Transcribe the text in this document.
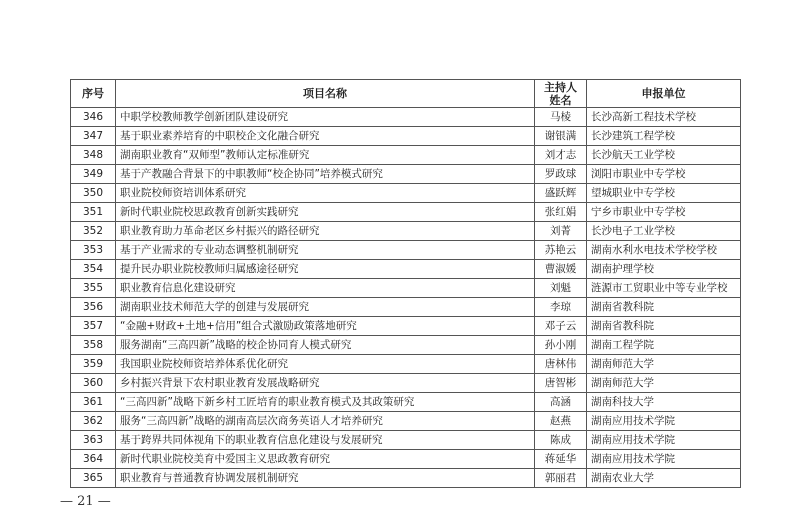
序号	项目名称	主持人姓名	申报单位
346	中职学校教师教学创新团队建设研究	马棱	长沙高新工程技术学校
347	基于职业素养培育的中职校企文化融合研究	谢银满	长沙建筑工程学校
348	湖南职业教育“双师型”教师认定标准研究	刘才志	长沙航天工业学校
349	基于产教融合背景下的中职教师“校企协同”培养模式研究	罗政球	浏阳市职业中专学校
350	职业院校师资培训体系研究	盛跃辉	望城职业中专学校
351	新时代职业院校思政教育创新实践研究	张红娟	宁乡市职业中专学校
352	职业教育助力革命老区乡村振兴的路径研究	刘菁	长沙电子工业学校
353	基于产业需求的专业动态调整机制研究	苏艳云	湖南水利水电技术学校学校
354	提升民办职业院校教师归属感途径研究	曹淑媛	湖南护理学校
355	职业教育信息化建设研究	刘魁	涟源市工贸职业中等专业学校
356	湖南职业技术师范大学的创建与发展研究	李琼	湖南省教科院
357	“金融+财政+土地+信用”组合式激励政策落地研究	邓子云	湖南省教科院
358	服务湖南“三高四新”战略的校企协同育人模式研究	孙小刚	湖南工程学院
359	我国职业院校师资培养体系优化研究	唐林伟	湖南师范大学
360	乡村振兴背景下农村职业教育发展战略研究	唐智彬	湖南师范大学
361	“三高四新”战略下新乡村工匠培育的职业教育模式及其政策研究	高涵	湖南科技大学
362	服务“三高四新”战略的湖南高层次商务英语人才培养研究	赵燕	湖南应用技术学院
363	基于跨界共同体视角下的职业教育信息化建设与发展研究	陈成	湖南应用技术学院
364	新时代职业院校美育中爱国主义思政教育研究	蒋延华	湖南应用技术学院
365	职业教育与普通教育协调发展机制研究	郭丽君	湖南农业大学
— 21 —
